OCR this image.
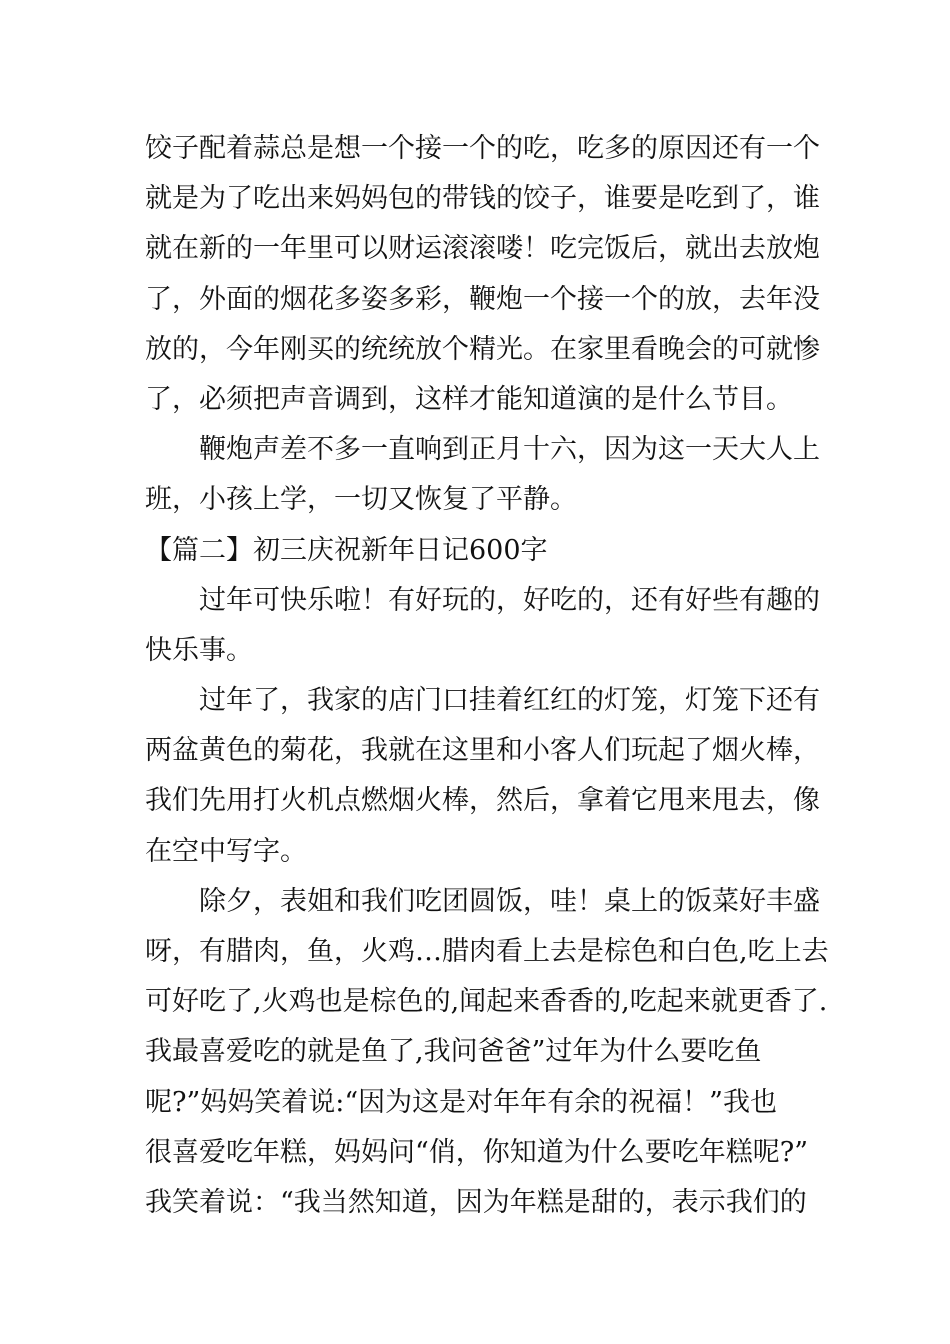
饺子配着蒜总是想一个接一个的吃，吃多的原因还有一个
就是为了吃出来妈妈包的带钱的饺子，谁要是吃到了，谁
就在新的一年里可以财运滚滚喽！吃完饭后，就出去放炮
了，外面的烟花多姿多彩，鞭炮一个接一个的放，去年没
放的，今年刚买的统统放个精光。在家里看晚会的可就惨
了，必须把声音调到，这样才能知道演的是什么节目。
鞭炮声差不多一直响到正月十六，因为这一天大人上
班，小孩上学，一切又恢复了平静。
【篇二】初三庆祝新年日记600字
过年可快乐啦！有好玩的，好吃的，还有好些有趣的
快乐事。
过年了，我家的店门口挂着红红的灯笼，灯笼下还有
两盆黄色的菊花，我就在这里和小客人们玩起了烟火棒，
我们先用打火机点燃烟火棒，然后，拿着它甩来甩去，像
在空中写字。
除夕，表姐和我们吃团圆饭，哇！桌上的饭菜好丰盛
呀，有腊肉，鱼，火鸡…腊肉看上去是棕色和白色,吃上去
可好吃了,火鸡也是棕色的,闻起来香香的,吃起来就更香了.
我最喜爱吃的就是鱼了,我问爸爸”过年为什么要吃鱼
呢?”妈妈笑着说:“因为这是对年年有余的祝福！”我也
很喜爱吃年糕，妈妈问“俏，你知道为什么要吃年糕呢?”
我笑着说：“我当然知道，因为年糕是甜的，表示我们的
